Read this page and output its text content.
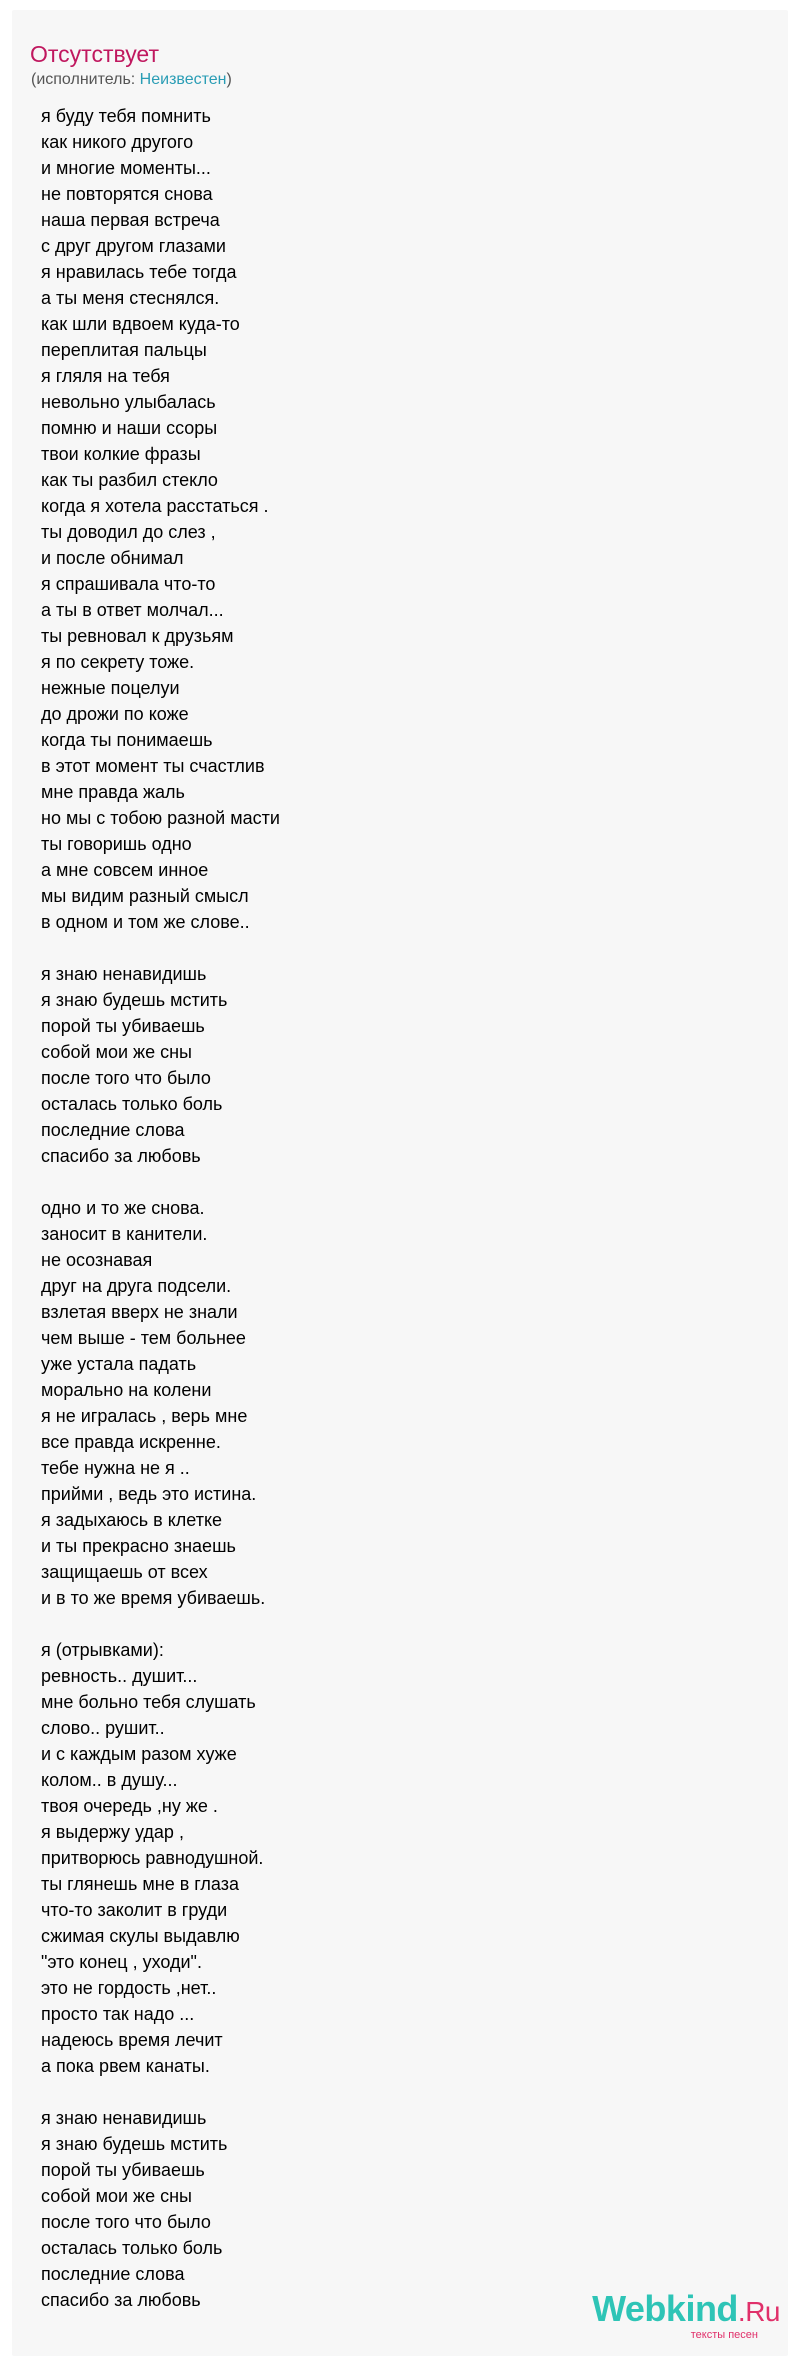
Отсутствует
(исполнитель: Неизвестен)
я буду тебя помнить
как никого другого
и многие моменты...
не повторятся снова
наша первая встреча
с друг другом глазами
я нравилась тебе тогда
а ты меня стеснялся.
как шли вдвоем куда-то
переплитая пальцы
я гляля на тебя
невольно улыбалась
помню и наши ссоры
твои колкие фразы
как ты разбил стекло
когда я хотела расстаться .
ты доводил до слез ,
и после обнимал
я спрашивала что-то
а ты в ответ молчал...
ты ревновал к друзьям
я по секрету тоже.
нежные поцелуи
до дрожи по коже
когда ты понимаешь
в этот момент ты счастлив
мне правда жаль
но мы с тобою разной масти
ты говоришь одно
а мне совсем инное
мы видим разный смысл
в одном и том же слове..
я знаю ненавидишь
я знаю будешь мстить
порой ты убиваешь
собой мои же сны
после того что было
осталась только боль
последние слова
спасибо за любовь
одно и то же снова.
заносит в канители.
не осознавая
друг на друга подсели.
взлетая вверх не знали
чем выше - тем больнее
уже устала падать
морально на колени
я не игралась , верь мне
все правда искренне.
тебе нужна не я ..
прийми , ведь это истина.
я задыхаюсь в клетке
и ты прекрасно знаешь
защищаешь от всех
и в то же время убиваешь.
я (отрывками):
ревность.. душит...
мне больно тебя слушать
слово.. рушит..
и с каждым разом хуже
колом.. в душу...
твоя очередь ,ну же .
я выдержу удар ,
притворюсь равнодушной.
ты глянешь мне в глаза
что-то заколит в груди
сжимая скулы выдавлю
"это конец , уходи".
это не гордость ,нет..
просто так надо ...
надеюсь время лечит
а пока рвем канаты.
я знаю ненавидишь
я знаю будешь мстить
порой ты убиваешь
собой мои же сны
после того что было
осталась только боль
последние слова
спасибо за любовь	Webkind.Ru
тексты песен
